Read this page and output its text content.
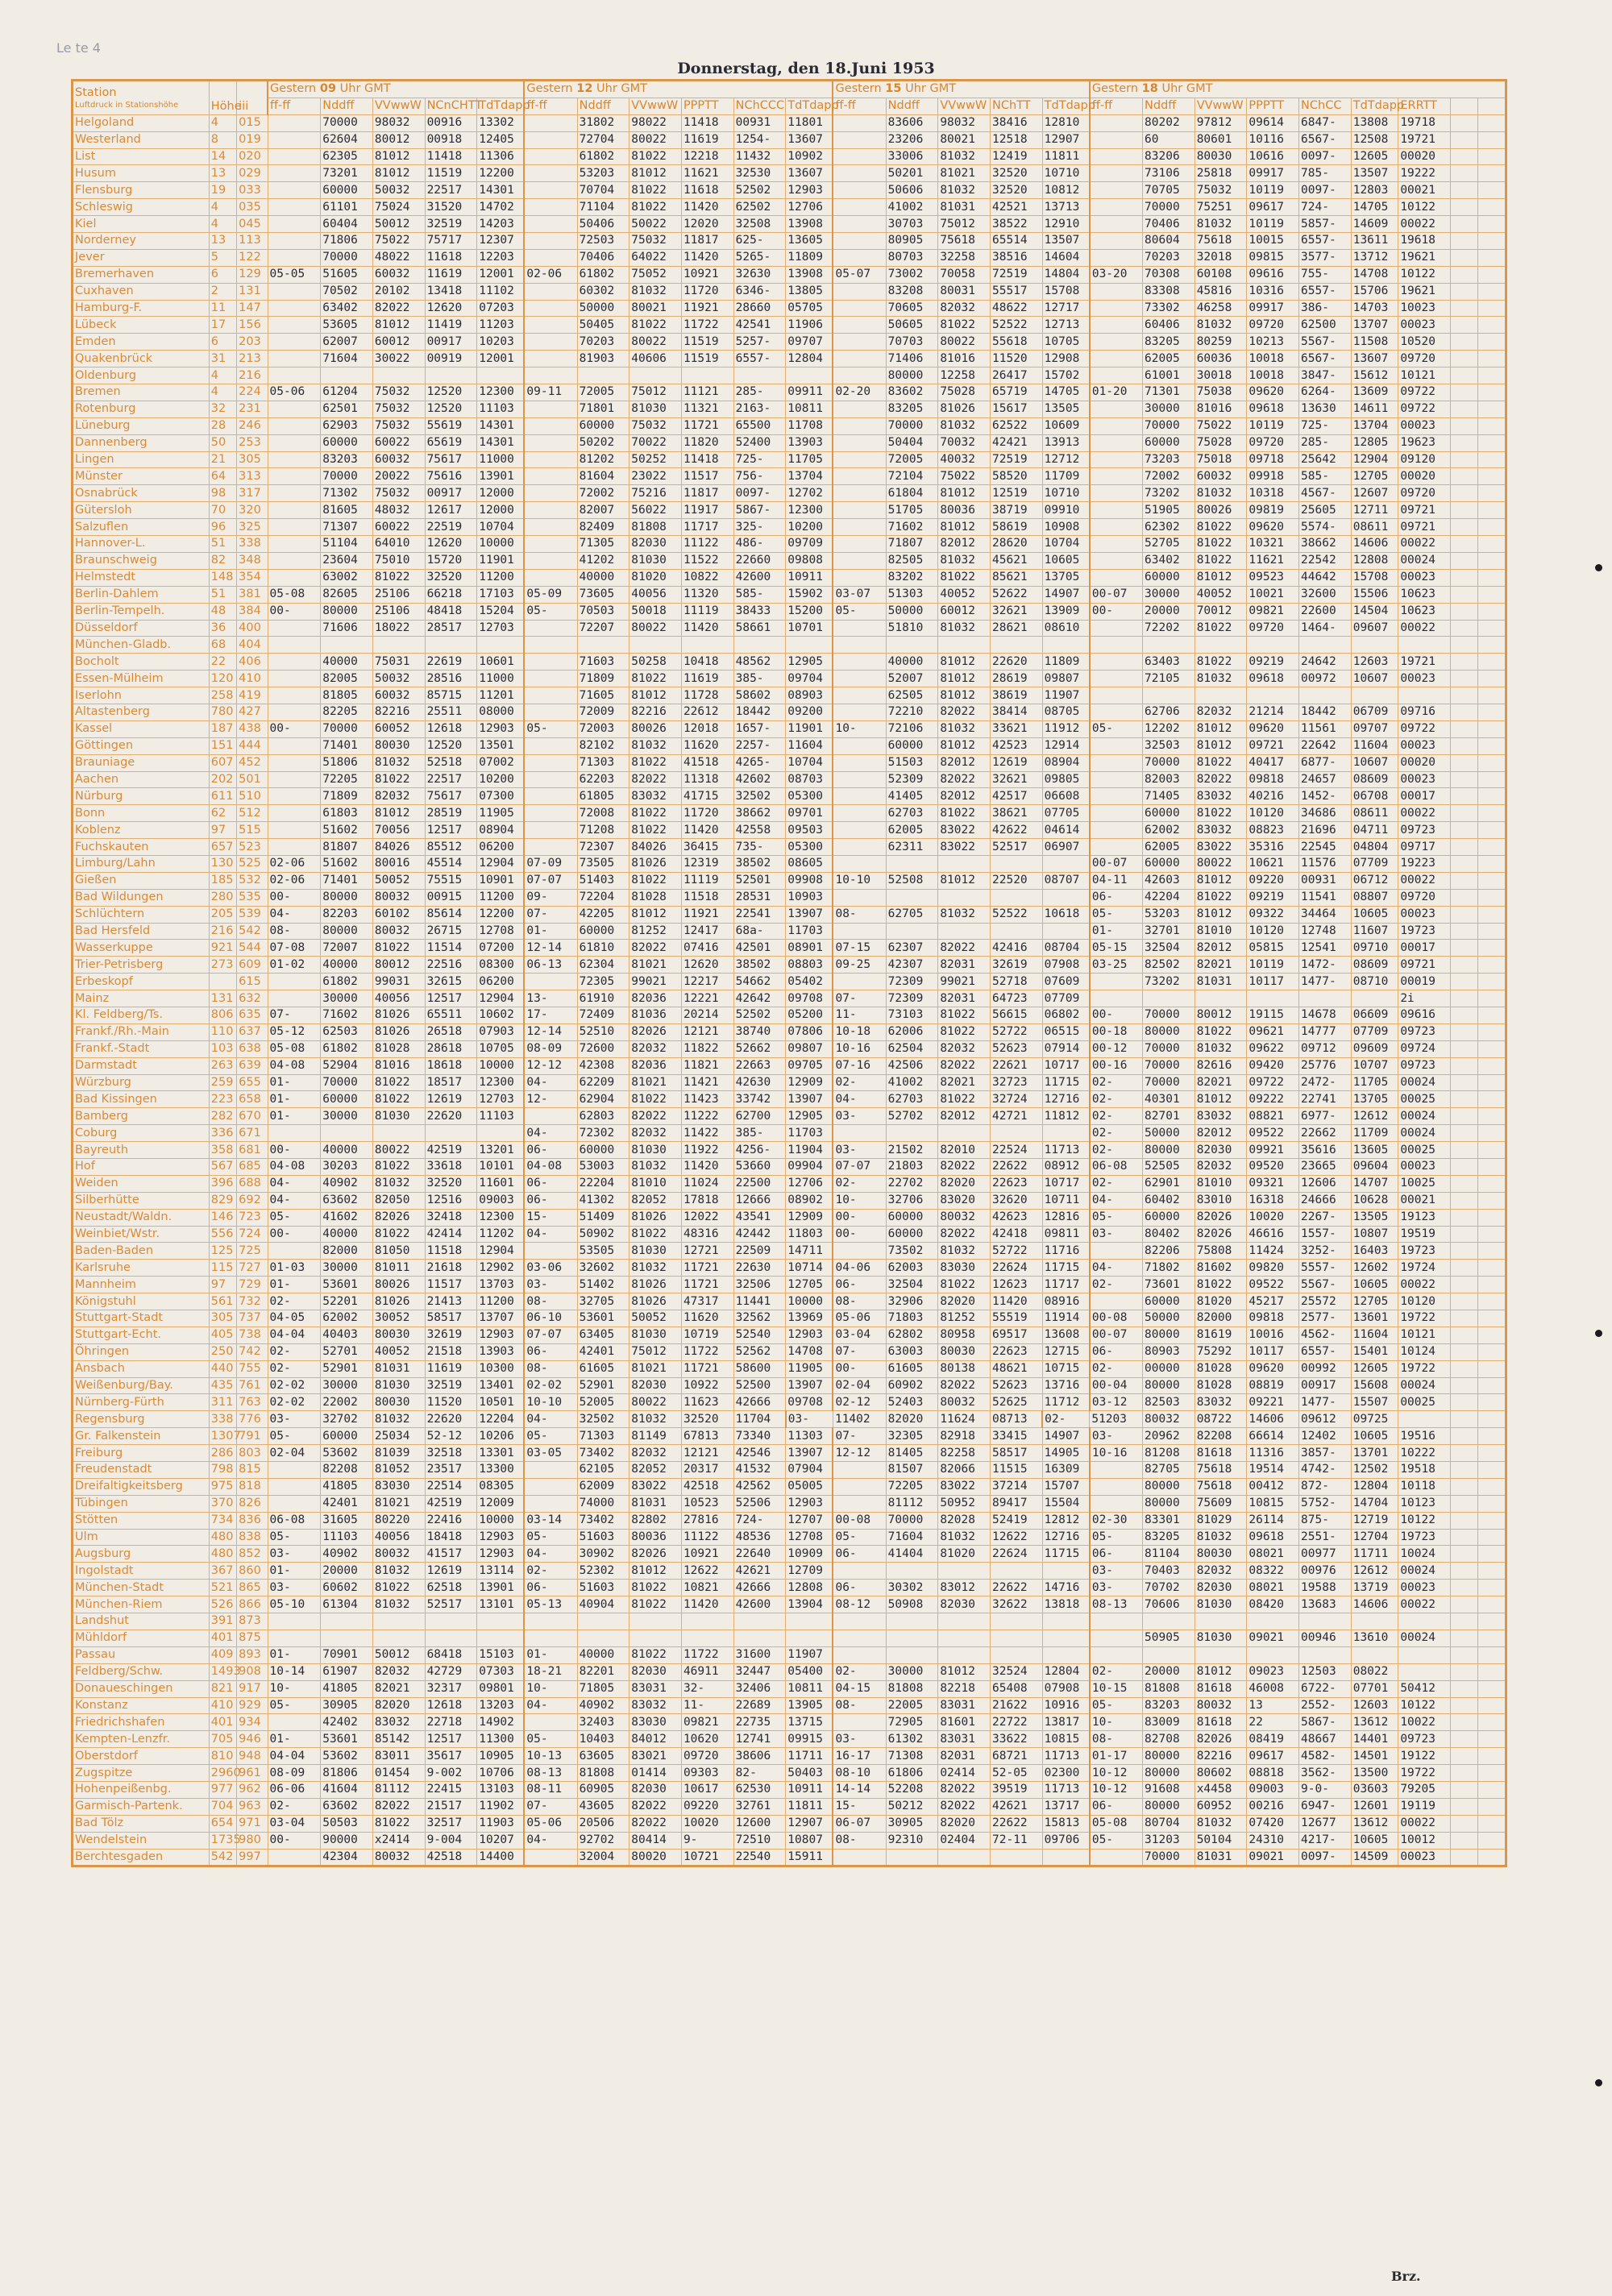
Le te 4
Donnerstag, den 18.Juni 1953
Station
Luftdruck in Stationshöhe	Höhe	iii	Gestern 09 Uhr GMT					Gestern 12 Uhr GMT						Gestern 15 Uhr GMT					Gestern 18 Uhr GMT								
			ff-ff	Nddff	VVwwW	NCnCHTT	TdTdapp	ff-ff	Nddff	VVwwW	PPPTT	NChCCC	TdTdapp	ff-ff	Nddff	VVwwW	NChTT	TdTdapp	ff-ff	Nddff	VVwwW	PPPTT	NChCC	TdTdapp	ERRTT		
Helgoland	4	015		70000	98032	00916	13302		31802	98022	11418	00931	11801		83606	98032	38416	12810		80202	97812	09614	6847-	13808	19718		
Westerland	8	019		62604	80012	00918	12405		72704	80022	11619	1254-	13607		23206	80021	12518	12907		60	80601	10116	6567-	12508	19721		
List	14	020		62305	81012	11418	11306		61802	81022	12218	11432	10902		33006	81032	12419	11811		83206	80030	10616	0097-	12605	00020		
Husum	13	029		73201	81012	11519	12200		53203	81012	11621	32530	13607		50201	81021	32520	10710		73106	25818	09917	785-	13507	19222		
Flensburg	19	033		60000	50032	22517	14301		70704	81022	11618	52502	12903		50606	81032	32520	10812		70705	75032	10119	0097-	12803	00021		
Schleswig	4	035		61101	75024	31520	14702		71104	81022	11420	62502	12706		41002	81031	42521	13713		70000	75251	09617	724-	14705	10122		
Kiel	4	045		60404	50012	32519	14203		50406	50022	12020	32508	13908		30703	75012	38522	12910		70406	81032	10119	5857-	14609	00022		
Norderney	13	113		71806	75022	75717	12307		72503	75032	11817	625-	13605		80905	75618	65514	13507		80604	75618	10015	6557-	13611	19618		
Jever	5	122		70000	48022	11618	12203		70406	64022	11420	5265-	11809		80703	32258	38516	14604		70203	32018	09815	3577-	13712	19621		
Bremerhaven	6	129	05-05	51605	60032	11619	12001	02-06	61802	75052	10921	32630	13908	05-07	73002	70058	72519	14804	03-20	70308	60108	09616	755-	14708	10122		
Cuxhaven	2	131		70502	20102	13418	11102		60302	81032	11720	6346-	13805		83208	80031	55517	15708		83308	45816	10316	6557-	15706	19621		
Hamburg-F.	11	147		63402	82022	12620	07203		50000	80021	11921	28660	05705		70605	82032	48622	12717		73302	46258	09917	386-	14703	10023		
Lübeck	17	156		53605	81012	11419	11203		50405	81022	11722	42541	11906		50605	81022	52522	12713		60406	81032	09720	62500	13707	00023		
Emden	6	203		62007	60012	00917	10203		70203	80022	11519	5257-	09707		70703	80022	55618	10705		83205	80259	10213	5567-	11508	10520		
Quakenbrück	31	213		71604	30022	00919	12001		81903	40606	11519	6557-	12804		71406	81016	11520	12908		62005	60036	10018	6567-	13607	09720		
Oldenburg	4	216													80000	12258	26417	15702		61001	30018	10018	3847-	15612	10121		
Bremen	4	224	05-06	61204	75032	12520	12300	09-11	72005	75012	11121	285-	09911	02-20	83602	75028	65719	14705	01-20	71301	75038	09620	6264-	13609	09722		
Rotenburg	32	231		62501	75032	12520	11103		71801	81030	11321	2163-	10811		83205	81026	15617	13505		30000	81016	09618	13630	14611	09722		
Lüneburg	28	246		62903	75032	55619	14301		60000	75032	11721	65500	11708		70000	81032	62522	10609		70000	75022	10119	725-	13704	00023		
Dannenberg	50	253		60000	60022	65619	14301		50202	70022	11820	52400	13903		50404	70032	42421	13913		60000	75028	09720	285-	12805	19623		
Lingen	21	305		83203	60032	75617	11000		81202	50252	11418	725-	11705		72005	40032	72519	12712		73203	75018	09718	25642	12904	09120		
Münster	64	313		70000	20022	75616	13901		81604	23022	11517	756-	13704		72104	75022	58520	11709		72002	60032	09918	585-	12705	00020		
Osnabrück	98	317		71302	75032	00917	12000		72002	75216	11817	0097-	12702		61804	81012	12519	10710		73202	81032	10318	4567-	12607	09720		
Gütersloh	70	320		81605	48032	12617	12000		82007	56022	11917	5867-	12300		51705	80036	38719	09910		51905	80026	09819	25605	12711	09721		
Salzuflen	96	325		71307	60022	22519	10704		82409	81808	11717	325-	10200		71602	81012	58619	10908		62302	81022	09620	5574-	08611	09721		
Hannover-L.	51	338		51104	64010	12620	10000		71305	82030	11122	486-	09709		71807	82012	28620	10704		52705	81022	10321	38662	14606	00022		
Braunschweig	82	348		23604	75010	15720	11901		41202	81030	11522	22660	09808		82505	81032	45621	10605		63402	81022	11621	22542	12808	00024		
Helmstedt	148	354		63002	81022	32520	11200		40000	81020	10822	42600	10911		83202	81022	85621	13705		60000	81012	09523	44642	15708	00023		
Berlin-Dahlem	51	381	05-08	82605	25106	66218	17103	05-09	73605	40056	11320	585-	15902	03-07	51303	40052	52622	14907	00-07	30000	40052	10021	32600	15506	10623		
Berlin-Tempelh.	48	384	00-	80000	25106	48418	15204	05-	70503	50018	11119	38433	15200	05-	50000	60012	32621	13909	00-	20000	70012	09821	22600	14504	10623		
Düsseldorf	36	400		71606	18022	28517	12703		72207	80022	11420	58661	10701		51810	81032	28621	08610		72202	81022	09720	1464-	09607	00022		
München-Gladb.	68	404																									
Bocholt	22	406		40000	75031	22619	10601		71603	50258	10418	48562	12905		40000	81012	22620	11809		63403	81022	09219	24642	12603	19721		
Essen-Mülheim	120	410		82005	50032	28516	11000		71809	81022	11619	385-	09704		52007	81012	28619	09807		72105	81032	09618	00972	10607	00023		
Iserlohn	258	419		81805	60032	85715	11201		71605	81012	11728	58602	08903		62505	81012	38619	11907									
Altastenberg	780	427		82205	82216	25511	08000		72009	82216	22612	18442	09200		72210	82022	38414	08705		62706	82032	21214	18442	06709	09716		
Kassel	187	438	00-	70000	60052	12618	12903	05-	72003	80026	12018	1657-	11901	10-	72106	81032	33621	11912	05-	12202	81012	09620	11561	09707	09722		
Göttingen	151	444		71401	80030	12520	13501		82102	81032	11620	2257-	11604		60000	81012	42523	12914		32503	81012	09721	22642	11604	00023		
Brauniage	607	452		51806	81032	52518	07002		71303	81022	41518	4265-	10704		51503	82012	12619	08904		70000	81022	40417	6877-	10607	00020		
Aachen	202	501		72205	81022	22517	10200		62203	82022	11318	42602	08703		52309	82022	32621	09805		82003	82022	09818	24657	08609	00023		
Nürburg	611	510		71809	82032	75617	07300		61805	83032	41715	32502	05300		41405	82012	42517	06608		71405	83032	40216	1452-	06708	00017		
Bonn	62	512		61803	81012	28519	11905		72008	81022	11720	38662	09701		62703	81022	38621	07705		60000	81022	10120	34686	08611	00022		
Koblenz	97	515		51602	70056	12517	08904		71208	81022	11420	42558	09503		62005	83022	42622	04614		62002	83032	08823	21696	04711	09723		
Fuchskauten	657	523		81807	84026	85512	06200		72307	84026	36415	735-	05300		62311	83022	52517	06907		62005	83022	35316	22545	04804	09717		
Limburg/Lahn	130	525	02-06	51602	80016	45514	12904	07-09	73505	81026	12319	38502	08605						00-07	60000	80022	10621	11576	07709	19223		
Gießen	185	532	02-06	71401	50052	75515	10901	07-07	51403	81022	11119	52501	09908	10-10	52508	81012	22520	08707	04-11	42603	81012	09220	00931	06712	00022		
Bad Wildungen	280	535	00-	80000	80032	00915	11200	09-	72204	81028	11518	28531	10903						06-	42204	81022	09219	11541	08807	09720		
Schlüchtern	205	539	04-	82203	60102	85614	12200	07-	42205	81012	11921	22541	13907	08-	62705	81032	52522	10618	05-	53203	81012	09322	34464	10605	00023		
Bad Hersfeld	216	542	08-	80000	80032	26715	12708	01-	60000	81252	12417	68a-	11703						01-	32701	81010	10120	12748	11607	19723		
Wasserkuppe	921	544	07-08	72007	81022	11514	07200	12-14	61810	82022	07416	42501	08901	07-15	62307	82022	42416	08704	05-15	32504	82012	05815	12541	09710	00017		
Trier-Petrisberg	273	609	01-02	40000	80012	22516	08300	06-13	62304	81021	12620	38502	08803	09-25	42307	82031	32619	07908	03-25	82502	82021	10119	1472-	08609	09721		
Erbeskopf		615		61802	99031	32615	06200		72305	99021	12217	54662	05402		72309	99021	52718	07609		73202	81031	10117	1477-	08710	00019		
Mainz	131	632		30000	40056	12517	12904	13-	61910	82036	12221	42642	09708	07-	72309	82031	64723	07709							2i		
Kl. Feldberg/Ts.	806	635	07-	71602	81026	65511	10602	17-	72409	81036	20214	52502	05200	11-	73103	81022	56615	06802	00-	70000	80012	19115	14678	06609	09616		
Frankf./Rh.-Main	110	637	05-12	62503	81026	26518	07903	12-14	52510	82026	12121	38740	07806	10-18	62006	81022	52722	06515	00-18	80000	81022	09621	14777	07709	09723		
Frankf.-Stadt	103	638	05-08	61802	81028	28618	10705	08-09	72600	82032	11822	52662	09807	10-16	62504	82032	52623	07914	00-12	70000	81032	09622	09712	09609	09724		
Darmstadt	263	639	04-08	52904	81016	18618	10000	12-12	42308	82036	11821	22663	09705	07-16	42506	82022	22621	10717	00-16	70000	82616	09420	25776	10707	09723		
Würzburg	259	655	01-	70000	81022	18517	12300	04-	62209	81021	11421	42630	12909	02-	41002	82021	32723	11715	02-	70000	82021	09722	2472-	11705	00024		
Bad Kissingen	223	658	01-	60000	81022	12619	12703	12-	62904	81022	11423	33742	13907	04-	62703	81022	32724	12716	02-	40301	81012	09222	22741	13705	00025		
Bamberg	282	670	01-	30000	81030	22620	11103		62803	82022	11222	62700	12905	03-	52702	82012	42721	11812	02-	82701	83032	08821	6977-	12612	00024		
Coburg	336	671						04-	72302	82032	11422	385-	11703						02-	50000	82012	09522	22662	11709	00024		
Bayreuth	358	681	00-	40000	80022	42519	13201	06-	60000	81030	11922	4256-	11904	03-	21502	82010	22524	11713	02-	80000	82030	09921	35616	13605	00025		
Hof	567	685	04-08	30203	81022	33618	10101	04-08	53003	81032	11420	53660	09904	07-07	21803	82022	22622	08912	06-08	52505	82032	09520	23665	09604	00023		
Weiden	396	688	04-	40902	81032	32520	11601	06-	22204	81010	11024	22500	12706	02-	22702	82020	22623	10717	02-	62901	81010	09321	12606	14707	10025		
Silberhütte	829	692	04-	63602	82050	12516	09003	06-	41302	82052	17818	12666	08902	10-	32706	83020	32620	10711	04-	60402	83010	16318	24666	10628	00021		
Neustadt/Waldn.	146	723	05-	41602	82026	32418	12300	15-	51409	81026	12022	43541	12909	00-	60000	80032	42623	12816	05-	60000	82026	10020	2267-	13505	19123		
Weinbiet/Wstr.	556	724	00-	40000	81022	42414	11202	04-	50902	81022	48316	42442	11803	00-	60000	82022	42418	09811	03-	80402	82026	46616	1557-	10807	19519		
Baden-Baden	125	725		82000	81050	11518	12904		53505	81030	12721	22509	14711		73502	81032	52722	11716		82206	75808	11424	3252-	16403	19723		
Karlsruhe	115	727	01-03	30000	81011	21618	12902	03-06	32602	81032	11721	22630	10714	04-06	62003	83030	22624	11715	04-	71802	81602	09820	5557-	12602	19724		
Mannheim	97	729	01-	53601	80026	11517	13703	03-	51402	81026	11721	32506	12705	06-	32504	81022	12623	11717	02-	73601	81022	09522	5567-	10605	00022		
Königstuhl	561	732	02-	52201	81026	21413	11200	08-	32705	81026	47317	11441	10000	08-	32906	82020	11420	08916		60000	81020	45217	25572	12705	10120		
Stuttgart-Stadt	305	737	04-05	62002	30052	58517	13707	06-10	53601	50052	11620	32562	13969	05-06	71803	81252	55519	11914	00-08	50000	82000	09818	2577-	13601	19722		
Stuttgart-Echt.	405	738	04-04	40403	80030	32619	12903	07-07	63405	81030	10719	52540	12903	03-04	62802	80958	69517	13608	00-07	80000	81619	10016	4562-	11604	10121		
Öhringen	250	742	02-	52701	40052	21518	13903	06-	42401	75012	11722	52562	14708	07-	63003	80030	22623	12715	06-	80903	75292	10117	6557-	15401	10124		
Ansbach	440	755	02-	52901	81031	11619	10300	08-	61605	81021	11721	58600	11905	00-	61605	80138	48621	10715	02-	00000	81028	09620	00992	12605	19722		
Weißenburg/Bay.	435	761	02-02	30000	81030	32519	13401	02-02	52901	82030	10922	52500	13907	02-04	60902	82022	52623	13716	00-04	80000	81028	08819	00917	15608	00024		
Nürnberg-Fürth	311	763	02-02	22002	80030	11520	10501	10-10	52005	80022	11623	42666	09708	02-12	52403	80032	52625	11712	03-12	82503	83032	09221	1477-	15507	00025		
Regensburg	338	776	03-	32702	81032	22620	12204	04-	32502	81032	32520	11704	03-	11402	82020	11624	08713	02-	51203	80032	08722	14606	09612	09725			
Gr. Falkenstein	1307	791	05-	60000	25034	52-12	10206	05-	71303	81149	67813	73340	11303	07-	32305	82918	33415	14907	03-	20962	82208	66614	12402	10605	19516		
Freiburg	286	803	02-04	53602	81039	32518	13301	03-05	73402	82032	12121	42546	13907	12-12	81405	82258	58517	14905	10-16	81208	81618	11316	3857-	13701	10222		
Freudenstadt	798	815		82208	81052	23517	13300		62105	82052	20317	41532	07904		81507	82066	11515	16309		82705	75618	19514	4742-	12502	19518		
Dreifaltigkeitsberg	975	818		41805	83030	22514	08305		62009	83022	42518	42562	05005		72205	83022	37214	15707		80000	75618	00412	872-	12804	10118		
Tübingen	370	826		42401	81021	42519	12009		74000	81031	10523	52506	12903		81112	50952	89417	15504		80000	75609	10815	5752-	14704	10123		
Stötten	734	836	06-08	31605	80220	22416	10000	03-14	73402	82802	27816	724-	12707	00-08	70000	82028	52419	12812	02-30	83301	81029	26114	875-	12719	10122		
Ulm	480	838	05-	11103	40056	18418	12903	05-	51603	80036	11122	48536	12708	05-	71604	81032	12622	12716	05-	83205	81032	09618	2551-	12704	19723		
Augsburg	480	852	03-	40902	80032	41517	12903	04-	30902	82026	10921	22640	10909	06-	41404	81020	22624	11715	06-	81104	80030	08021	00977	11711	10024		
Ingolstadt	367	860	01-	20000	81032	12619	13114	02-	52302	81012	12622	42621	12709						03-	70403	82032	08322	00976	12612	00024		
München-Stadt	521	865	03-	60602	81022	62518	13901	06-	51603	81022	10821	42666	12808	06-	30302	83012	22622	14716	03-	70702	82030	08021	19588	13719	00023		
München-Riem	526	866	05-10	61304	81032	52517	13101	05-13	40904	81022	11420	42600	13904	08-12	50908	82030	32622	13818	08-13	70606	81030	08420	13683	14606	00022		
Landshut	391	873																									
Mühldorf	401	875																		50905	81030	09021	00946	13610	00024		
Passau	409	893	01-	70901	50012	68418	15103	01-	40000	81022	11722	31600	11907														
Feldberg/Schw.	1493	908	10-14	61907	82032	42729	07303	18-21	82201	82030	46911	32447	05400	02-	30000	81012	32524	12804	02-	20000	81012	09023	12503	08022			
Donaueschingen	821	917	10-	41805	82021	32317	09801	10-	71805	83031	32-	32406	10811	04-15	81808	82218	65408	07908	10-15	81808	81618	46008	6722-	07701	50412		
Konstanz	410	929	05-	30905	82020	12618	13203	04-	40902	83032	11-	22689	13905	08-	22005	83031	21622	10916	05-	83203	80032	13	2552-	12603	10122		
Friedrichshafen	401	934		42402	83032	22718	14902		32403	83030	09821	22735	13715		72905	81601	22722	13817	10-	83009	81618	22	5867-	13612	10022		
Kempten-Lenzfr.	705	946	01-	53601	85142	12517	11300	05-	10403	84012	10620	12741	09915	03-	61302	83031	33622	10815	08-	82708	82026	08419	48667	14401	09723		
Oberstdorf	810	948	04-04	53602	83011	35617	10905	10-13	63605	83021	09720	38606	11711	16-17	71308	82031	68721	11713	01-17	80000	82216	09617	4582-	14501	19122		
Zugspitze	2960	961	08-09	81806	01454	9-002	10706	08-13	81808	01414	09303	82-	50403	08-10	61806	02414	52-05	02300	10-12	80000	80602	08818	3562-	13500	19722		
Hohenpeißenbg.	977	962	06-06	41604	81112	22415	13103	08-11	60905	82030	10617	62530	10911	14-14	52208	82022	39519	11713	10-12	91608	x4458	09003	9-0-	03603	79205		
Garmisch-Partenk.	704	963	02-	63602	82022	21517	11902	07-	43605	82022	09220	32761	11811	15-	50212	82022	42621	13717	06-	80000	60952	00216	6947-	12601	19119		
Bad Tölz	654	971	03-04	50503	81022	32517	11903	05-06	20506	82022	10020	12600	12907	06-07	30905	82020	22622	15813	05-08	80704	81032	07420	12677	13612	00022		
Wendelstein	1735	980	00-	90000	x2414	9-004	10207	04-	92702	80414	9-	72510	10807	08-	92310	02404	72-11	09706	05-	31203	50104	24310	4217-	10605	10012		
Berchtesgaden	542	997		42304	80032	42518	14400		32004	80020	10721	22540	15911							70000	81031	09021	0097-	14509	00023		
Brz.
